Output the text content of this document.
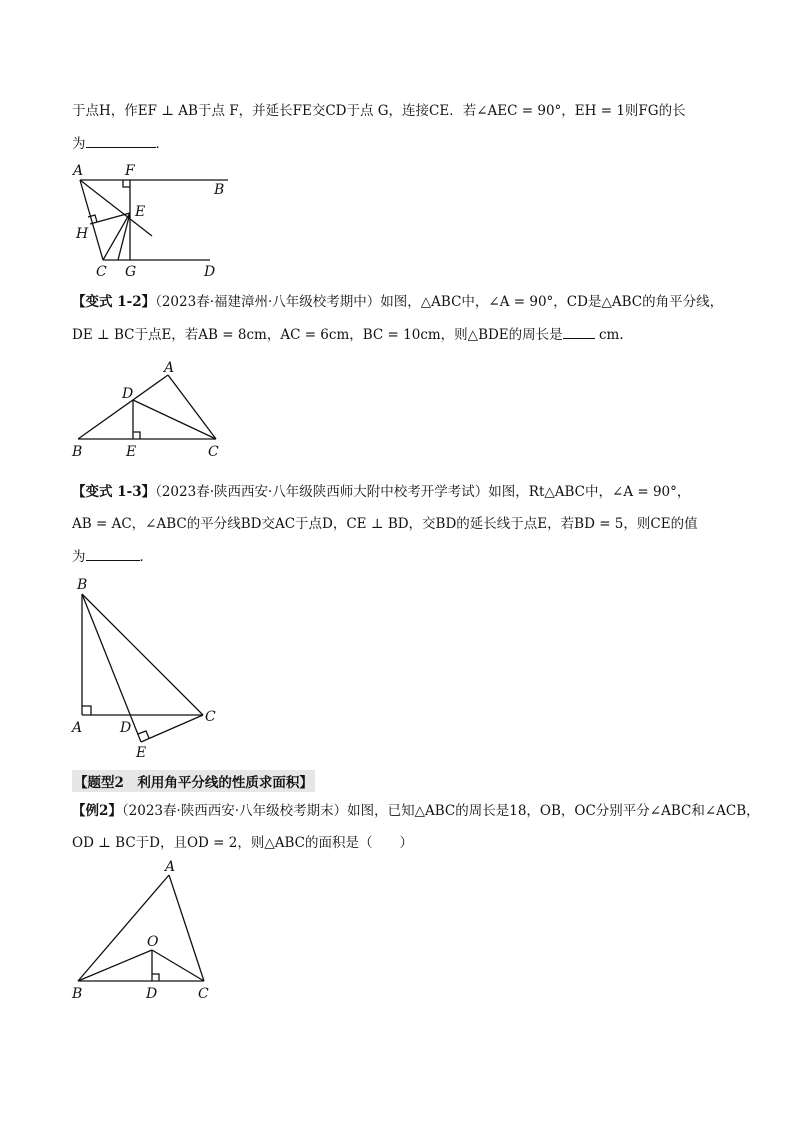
于点H，作EF ⊥ AB于点 F，并延长FE交CD于点 G，连接CE．若∠AEC = 90°，EH = 1则FG的长
为	．
A	F
B
E
H
C G	D
【变式 1-2】（2023春·福建漳州·八年级校考期中）如图，△ABC中，∠A = 90°，CD是△ABC的角平分线，
DE ⊥ BC于点E，若AB = 8cm，AC = 6cm，BC = 10cm，则△BDE的周长是 cm.
A
D
B	E	C
【变式 1-3】（2023春·陕西西安·八年级陕西师大附中校考开学考试）如图，Rt△ABC中，∠A = 90°，
AB = AC，∠ABC的平分线BD交AC于点D，CE ⊥ BD，交BD的延长线于点E，若BD = 5，则CE的值
为	．
B
A	D
C
E
【题型2　利用角平分线的性质求面积】
【例2】（2023春·陕西西安·八年级校考期末）如图，已知△ABC的周长是18，OB，OC分别平分∠ABC和∠ACB，
OD ⊥ BC于D，且OD = 2，则△ABC的面积是（　　）
A
O
B	D	C
